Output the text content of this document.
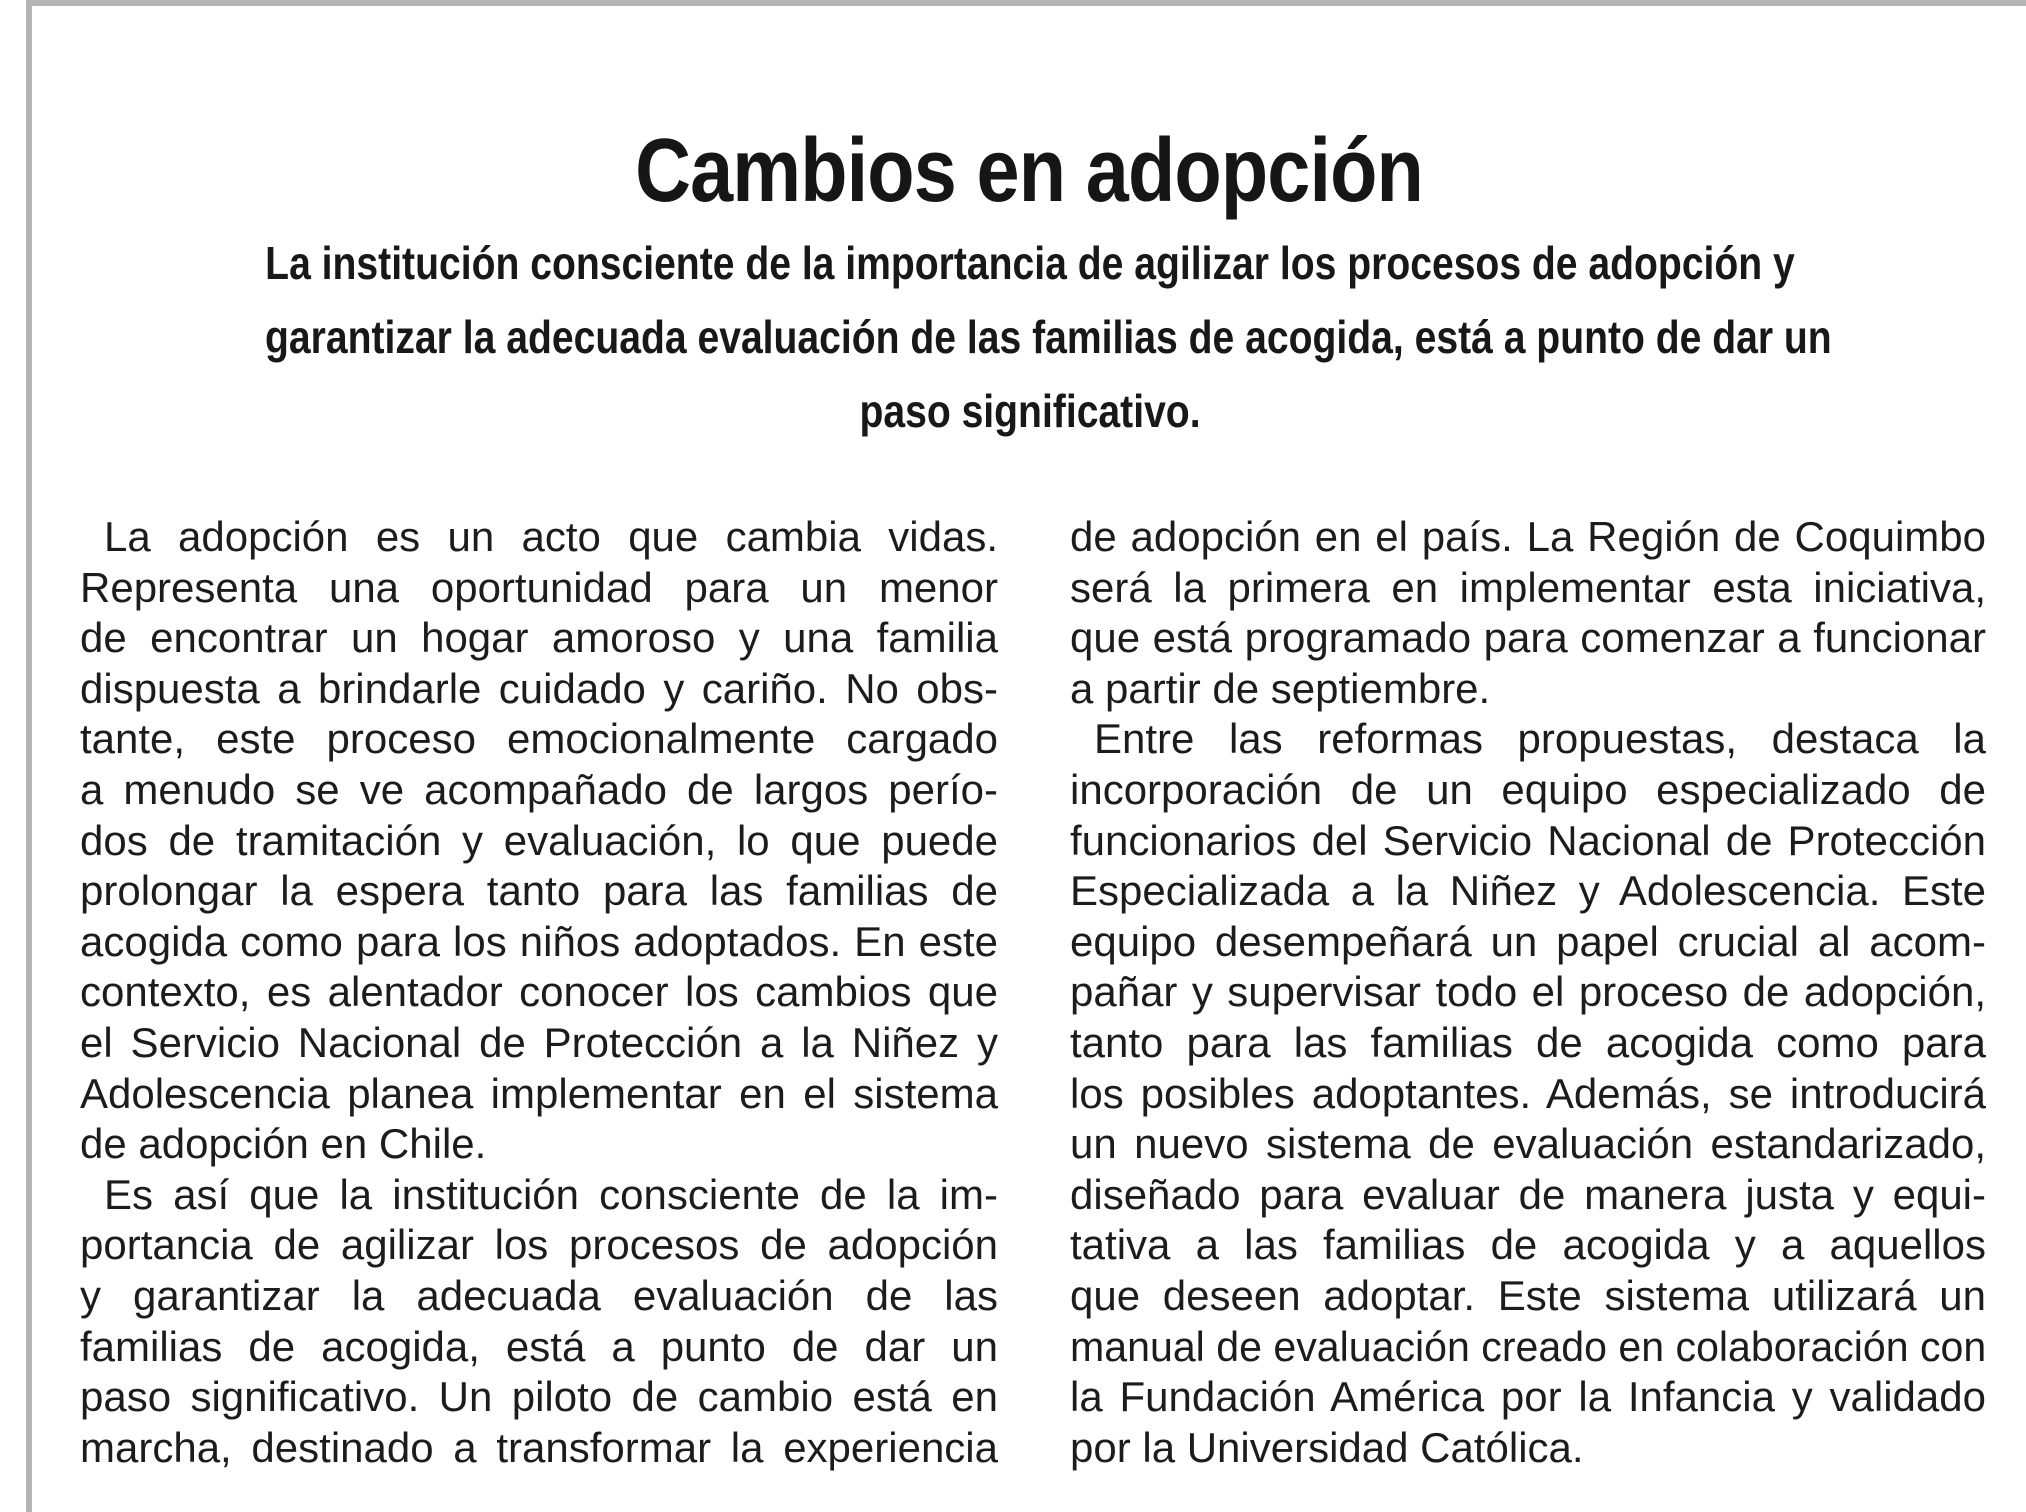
Cambios en adopción
La institución consciente de la importancia de agilizar los procesos de adopción y
garantizar la adecuada evaluación de las familias de acogida, está a punto de dar un
paso significativo.
La adopción es un acto que cambia vidas.
Representa una oportunidad para un menor
de encontrar un hogar amoroso y una familia
dispuesta a brindarle cuidado y cariño. No obs-
tante, este proceso emocionalmente cargado
a menudo se ve acompañado de largos perío-
dos de tramitación y evaluación, lo que puede
prolongar la espera tanto para las familias de
acogida como para los niños adoptados. En este
contexto, es alentador conocer los cambios que
el Servicio Nacional de Protección a la Niñez y
Adolescencia planea implementar en el sistema
de adopción en Chile.
Es así que la institución consciente de la im-
portancia de agilizar los procesos de adopción
y garantizar la adecuada evaluación de las
familias de acogida, está a punto de dar un
paso significativo. Un piloto de cambio está en
marcha, destinado a transformar la experiencia
de adopción en el país. La Región de Coquimbo
será la primera en implementar esta iniciativa,
que está programado para comenzar a funcionar
a partir de septiembre.
Entre las reformas propuestas, destaca la
incorporación de un equipo especializado de
funcionarios del Servicio Nacional de Protección
Especializada a la Niñez y Adolescencia. Este
equipo desempeñará un papel crucial al acom-
pañar y supervisar todo el proceso de adopción,
tanto para las familias de acogida como para
los posibles adoptantes. Además, se introducirá
un nuevo sistema de evaluación estandarizado,
diseñado para evaluar de manera justa y equi-
tativa a las familias de acogida y a aquellos
que deseen adoptar. Este sistema utilizará un
manual de evaluación creado en colaboración con
la Fundación América por la Infancia y validado
por la Universidad Católica.
